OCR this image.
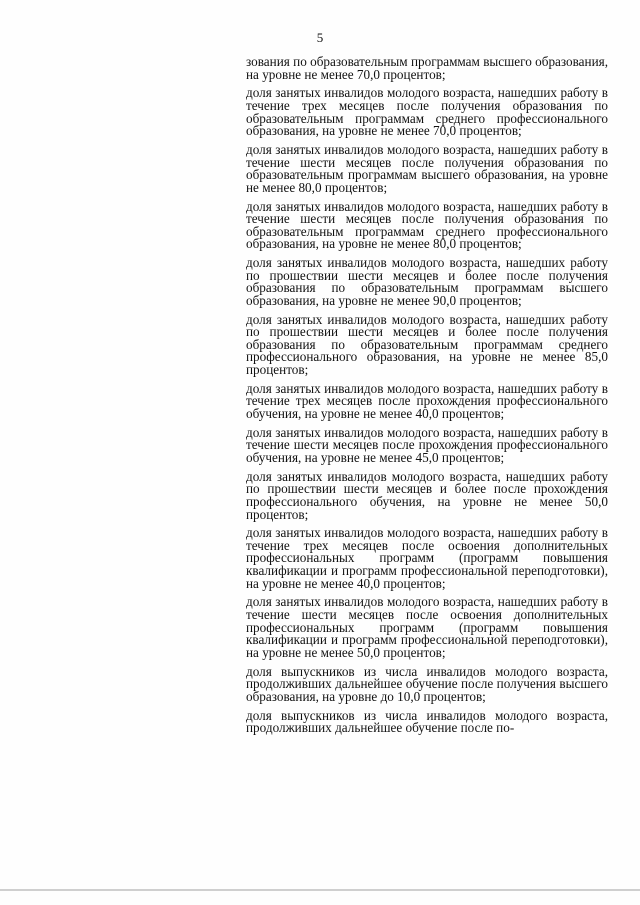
5

зования по образовательным программам высшего образования, на уровне не менее 70,0 процентов;

доля занятых инвалидов молодого возраста, нашедших работу в течение трех месяцев после получения образования по образовательным программам среднего профессионального образования, на уровне не менее 70,0 процентов;

доля занятых инвалидов молодого возраста, нашедших работу в течение шести месяцев после получения образования по образовательным программам высшего образования, на уровне не менее 80,0 процентов;

доля занятых инвалидов молодого возраста, нашедших работу в течение шести месяцев после получения образования по образовательным программам среднего профессионального образования, на уровне не менее 80,0 процентов;

доля занятых инвалидов молодого возраста, нашедших работу по прошествии шести месяцев и более после получения образования по образовательным программам высшего образования, на уровне не менее 90,0 процентов;

доля занятых инвалидов молодого возраста, нашедших работу по прошествии шести месяцев и более после получения образования по образовательным программам среднего профессионального образования, на уровне не менее 85,0 процентов;

доля занятых инвалидов молодого возраста, нашедших работу в течение трех месяцев после прохождения профессионального обучения, на уровне не менее 40,0 процентов;

доля занятых инвалидов молодого возраста, нашедших работу в течение шести месяцев после прохождения профессионального обучения, на уровне не менее 45,0 процентов;

доля занятых инвалидов молодого возраста, нашедших работу по прошествии шести месяцев и более после прохождения профессионального обучения, на уровне не менее 50,0 процентов;

доля занятых инвалидов молодого возраста, нашедших работу в течение трех месяцев после освоения дополнительных профессиональных программ (программ повышения квалификации и программ профессиональной переподготовки), на уровне не менее 40,0 процентов;

доля занятых инвалидов молодого возраста, нашедших работу в течение шести месяцев после освоения дополнительных профессиональных программ (программ повышения квалификации и программ профессиональной переподготовки), на уровне не менее 50,0 процентов;

доля выпускников из числа инвалидов молодого возраста, продолживших дальнейшее обучение после получения высшего образования, на уровне до 10,0 процентов;

доля выпускников из числа инвалидов молодого возраста, продолживших дальнейшее обучение после по-
